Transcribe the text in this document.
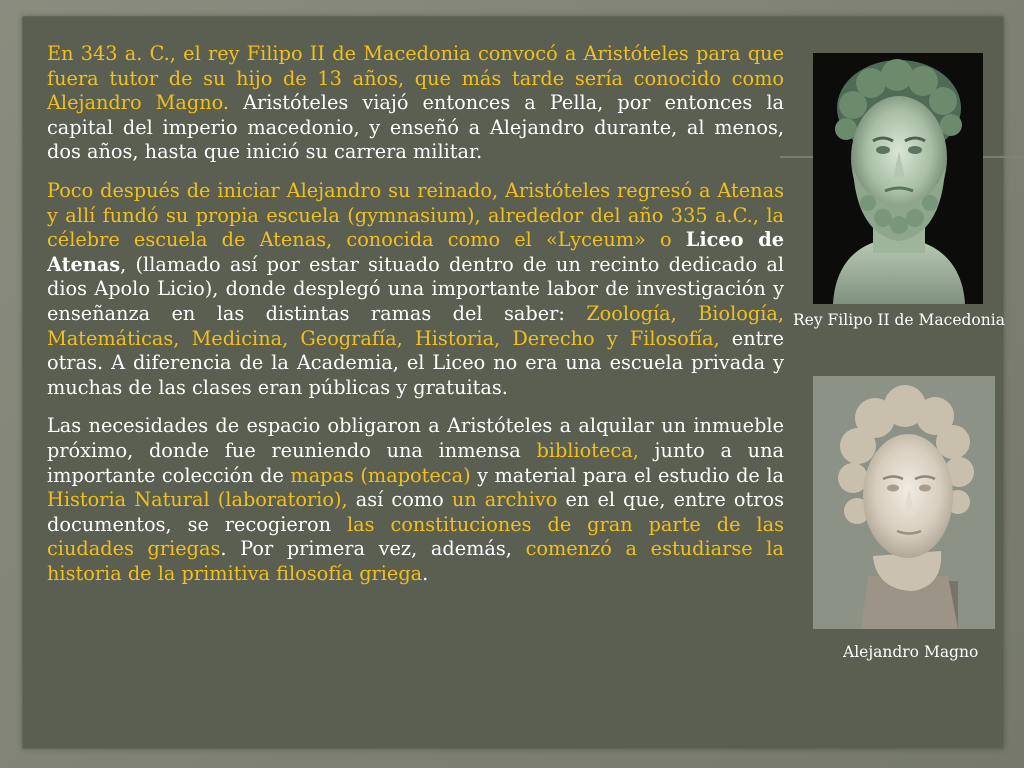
En 343 a. C., el rey Filipo II de Macedonia convocó a Aristóteles para que fuera tutor de su hijo de 13 años, que más tarde sería conocido como Alejandro Magno. Aristóteles viajó entonces a Pella, por entonces la capital del imperio macedonio, y enseñó a Alejandro durante, al menos, dos años, hasta que inició su carrera militar.

Poco después de iniciar Alejandro su reinado, Aristóteles regresó a Atenas y allí fundó su propia escuela (gymnasium), alrededor del año 335 a.C., la célebre escuela de Atenas, conocida como el «Lyceum» o Liceo de Atenas, (llamado así por estar situado dentro de un recinto dedicado al dios Apolo Licio), donde desplegó una importante labor de investigación y enseñanza en las distintas ramas del saber: Zoología, Biología, Matemáticas, Medicina, Geografía, Historia, Derecho y Filosofía, entre otras. A diferencia de la Academia, el Liceo no era una escuela privada y muchas de las clases eran públicas y gratuitas.

Las necesidades de espacio obligaron a Aristóteles a alquilar un inmueble próximo, donde fue reuniendo una inmensa biblioteca, junto a una importante colección de mapas (mapoteca) y material para el estudio de la Historia Natural (laboratorio), así como un archivo en el que, entre otros documentos, se recogieron las constituciones de gran parte de las ciudades griegas. Por primera vez, además, comenzó a estudiarse la historia de la primitiva filosofía griega.

Rey Filipo II de Macedonia
Alejandro Magno
